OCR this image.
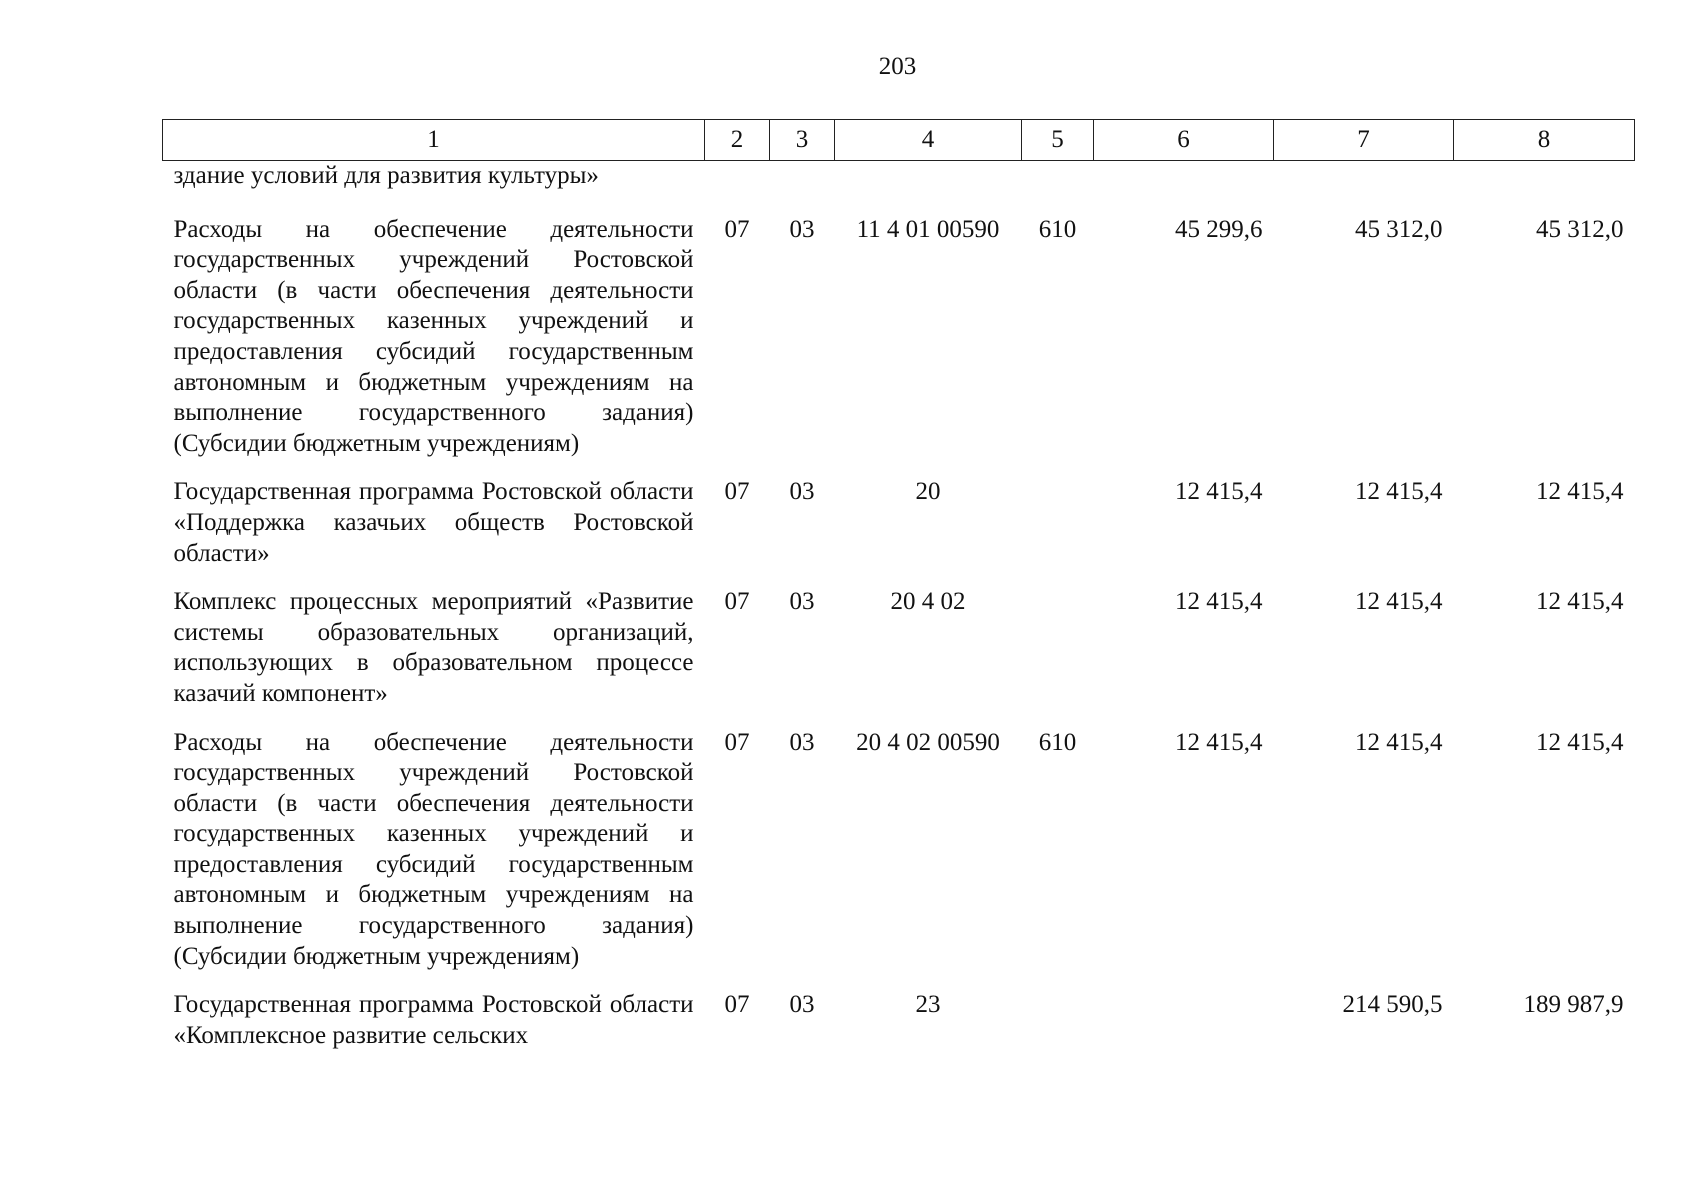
203
1	2	3	4	5	6	7	8
здание условий для развития культуры»							
Расходы на обеспечение деятельности государственных учреждений Ростовской области (в части обеспечения деятельности государственных казенных учреждений и предоставления субсидий государственным автономным и бюджетным учреждениям на выполнение государственного задания) (Субсидии бюджетным учреждениям)	07	03	11 4 01 00590	610	45 299,6	45 312,0	45 312,0
Государственная программа Ростовской области «Поддержка казачьих обществ Ростовской области»	07	03	20		12 415,4	12 415,4	12 415,4
Комплекс процессных мероприятий «Развитие системы образовательных организаций, использующих в образовательном процессе казачий компонент»	07	03	20 4 02		12 415,4	12 415,4	12 415,4
Расходы на обеспечение деятельности государственных учреждений Ростовской области (в части обеспечения деятельности государственных казенных учреждений и предоставления субсидий государственным автономным и бюджетным учреждениям на выполнение государственного задания) (Субсидии бюджетным учреждениям)	07	03	20 4 02 00590	610	12 415,4	12 415,4	12 415,4
Государственная программа Ростовской области «Комплексное развитие сельских	07	03	23			214 590,5	189 987,9
